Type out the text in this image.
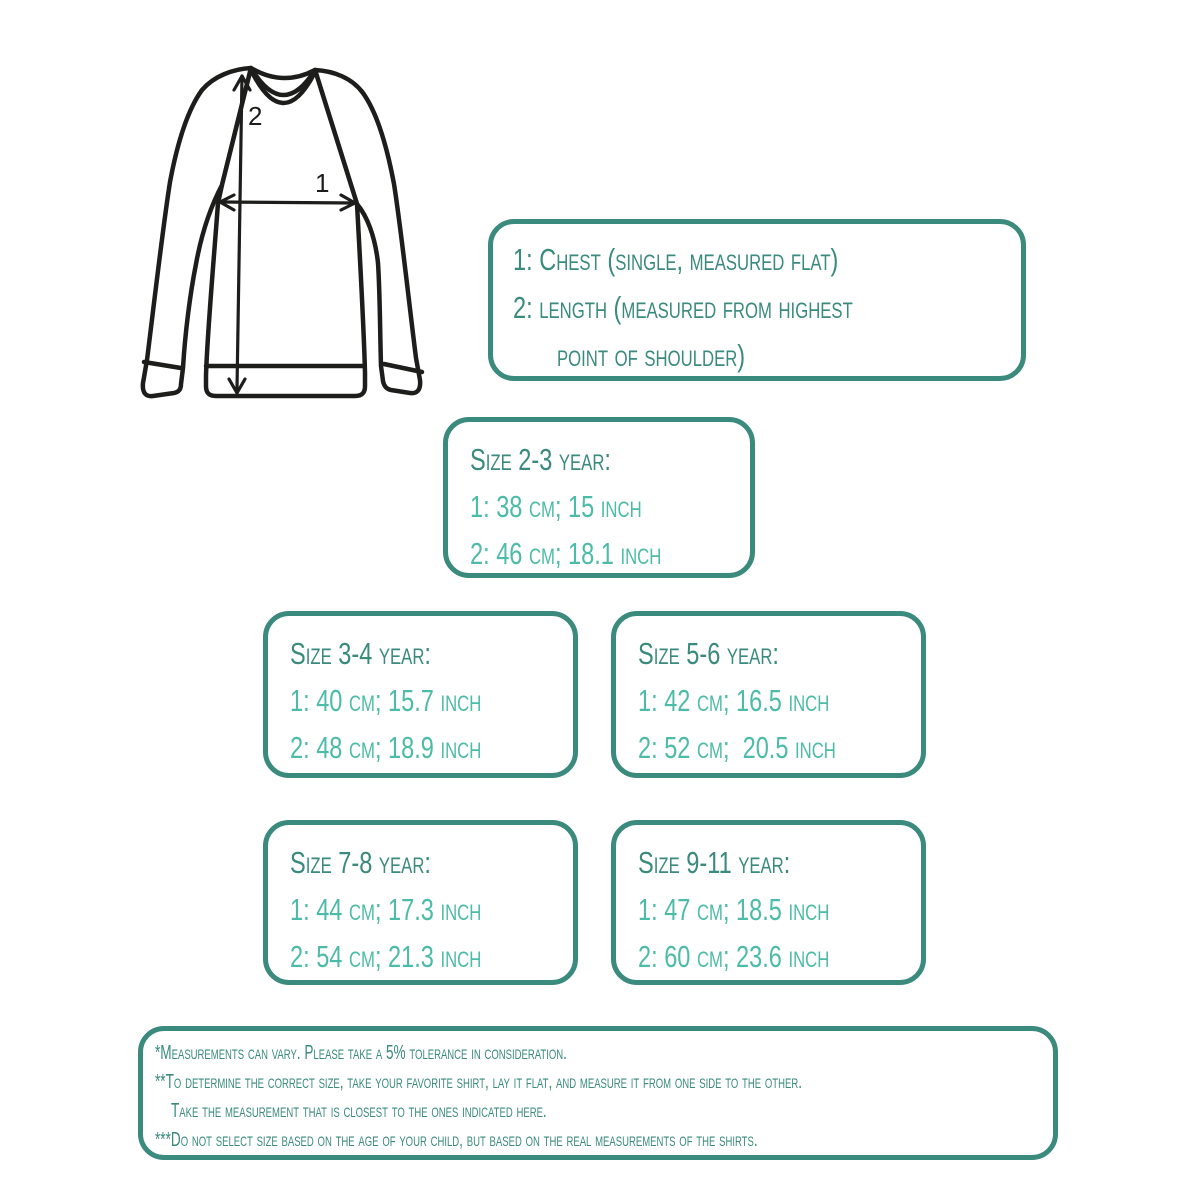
2
1
1: Chest (single, measured flat)
2: length (measured from highest
point of shoulder)
Size 2-3 year:
1: 38 cm; 15 inch
2: 46 cm; 18.1 inch
Size 3-4 year:
1: 40 cm; 15.7 inch
2: 48 cm; 18.9 inch
Size 5-6 year:
1: 42 cm; 16.5 inch
2: 52 cm;  20.5 inch
Size 7-8 year:
1: 44 cm; 17.3 inch
2: 54 cm; 21.3 inch
Size 9-11 year:
1: 47 cm; 18.5 inch
2: 60 cm; 23.6 inch
*Measurements can vary. Please take a 5% tolerance in consideration.
**To determine the correct size, take your favorite shirt, lay it flat, and measure it from one side to the other.
Take the measurement that is closest to the ones indicated here.
***Do not select size based on the age of your child, but based on the real measurements of the shirts.
